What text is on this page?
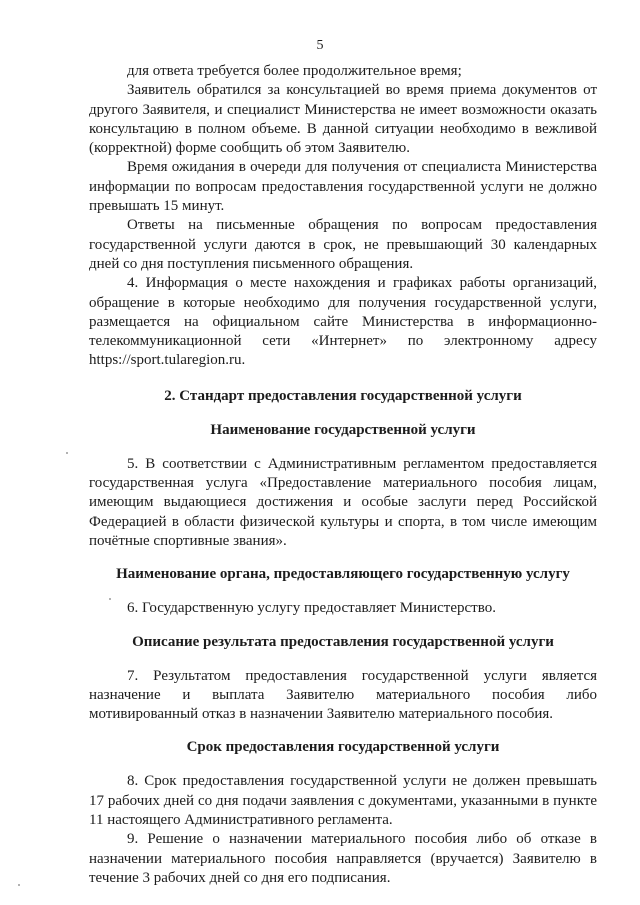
5

для ответа требуется более продолжительное время;

Заявитель обратился за консультацией во время приема документов от другого Заявителя, и специалист Министерства не имеет возможности оказать консультацию в полном объеме. В данной ситуации необходимо в вежливой (корректной) форме сообщить об этом Заявителю.

Время ожидания в очереди для получения от специалиста Министерства информации по вопросам предоставления государственной услуги не должно превышать 15 минут.

Ответы на письменные обращения по вопросам предоставления государственной услуги даются в срок, не превышающий 30 календарных дней со дня поступления письменного обращения.

4. Информация о месте нахождения и графиках работы организаций, обращение в которые необходимо для получения государственной услуги, размещается на официальном сайте Министерства в информационно-телекоммуникационной сети «Интернет» по электронному адресу https://sport.tularegion.ru.

2. Стандарт предоставления государственной услуги
Наименование государственной услуги

5. В соответствии с Административным регламентом предоставляется государственная услуга «Предоставление материального пособия лицам, имеющим выдающиеся достижения и особые заслуги перед Российской Федерацией в области физической культуры и спорта, в том числе имеющим почётные спортивные звания».

Наименование органа, предоставляющего государственную услугу

6. Государственную услугу предоставляет Министерство.

Описание результата предоставления государственной услуги

7. Результатом предоставления государственной услуги является назначение и выплата Заявителю материального пособия либо мотивированный отказ в назначении Заявителю материального пособия.

Срок предоставления государственной услуги

8. Срок предоставления государственной услуги не должен превышать 17 рабочих дней со дня подачи заявления с документами, указанными в пункте 11 настоящего Административного регламента.

9. Решение о назначении материального пособия либо об отказе в назначении материального пособия направляется (вручается) Заявителю в течение 3 рабочих дней со дня его подписания.
